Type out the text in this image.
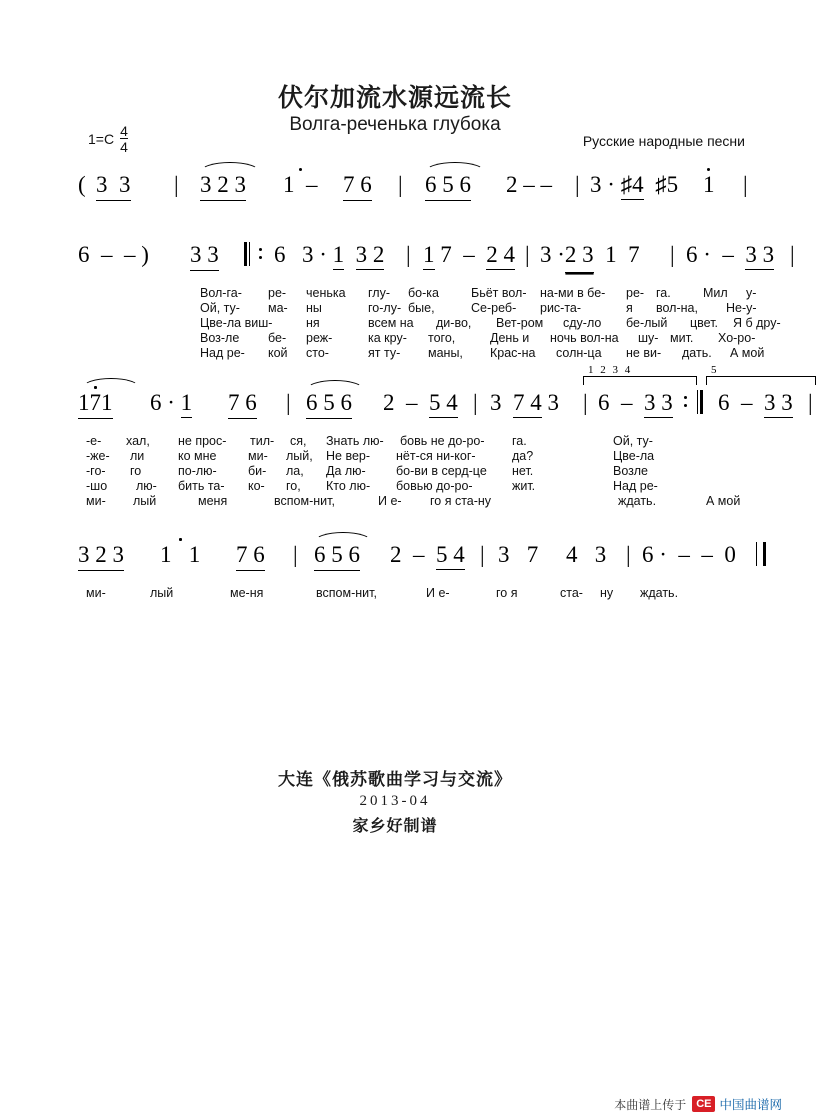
伏尔加流水源远流长
Волга-реченька глубока
Русские народные песни
$1=C \frac{4}{4}$
( 3  3 | 3 2 3 1  – 7 6 | 6 5 6 2 – – | 3 · ♯4  ♯5 1 |
6  –  – ) 3 3 6 3 · 1 3 2 | 1 7  –  2 4 | 3 ·2 3  1  7 | 6 ·  –  3 3 |
Вол-га- ре- ченька глу- бо-ка	Бьёт вол- на-ми в бе- ре- га.	Мил у-
Ой, ту- ма- ны	го-лу- бые,	Се-реб- рис-та-	я вол-на, Не-у-
Цве-ла виш-	ня	всем на ди-во, Вет-ром сду-ло бе-лый цвет. Я б дру-
Воз-ле бе- реж-	ка кру- того,	День и ночь вол-на шу- мит. Хо-ро-
Над ре- кой сто-	ят ту- маны, Крас-на солн-ца не ви- дать. А мой
1 2 3 4	5
171 6 · 1 7 6 | 6 5 6 2  –  5 4 | 3  7 4 3 | 6  –  3 3 6  –  3 3 |
-е- хал, не прос- тил- ся, Знать лю- бовь не до-ро- га.	Ой, ту-
-же- ли	ко мне	ми- лый, Не вер- нёт-ся ни-ког-	да?	Цве-ла
-го- го	по-лю-	би- ла, Да лю- бо-ви в серд-це нет.	Возле
-шо лю- бить та- ко- го, Кто лю- бовью до-ро-	жит.	Над ре-
ми- лый	меня	вспом-нит,	И е- го я ста-ну	ждать.	А мой
3 2 3 1 1 7 6 | 6 5 6 2  –  5 4 | 3   7 4   3 | 6 ·  –  –  0
ми-	лый	ме-ня	вспом-нит,	И е-	го я	ста- ну ждать.
大连《俄苏歌曲学习与交流》
2013-04
家乡好制谱
本曲谱上传于 CE 中国曲谱网
